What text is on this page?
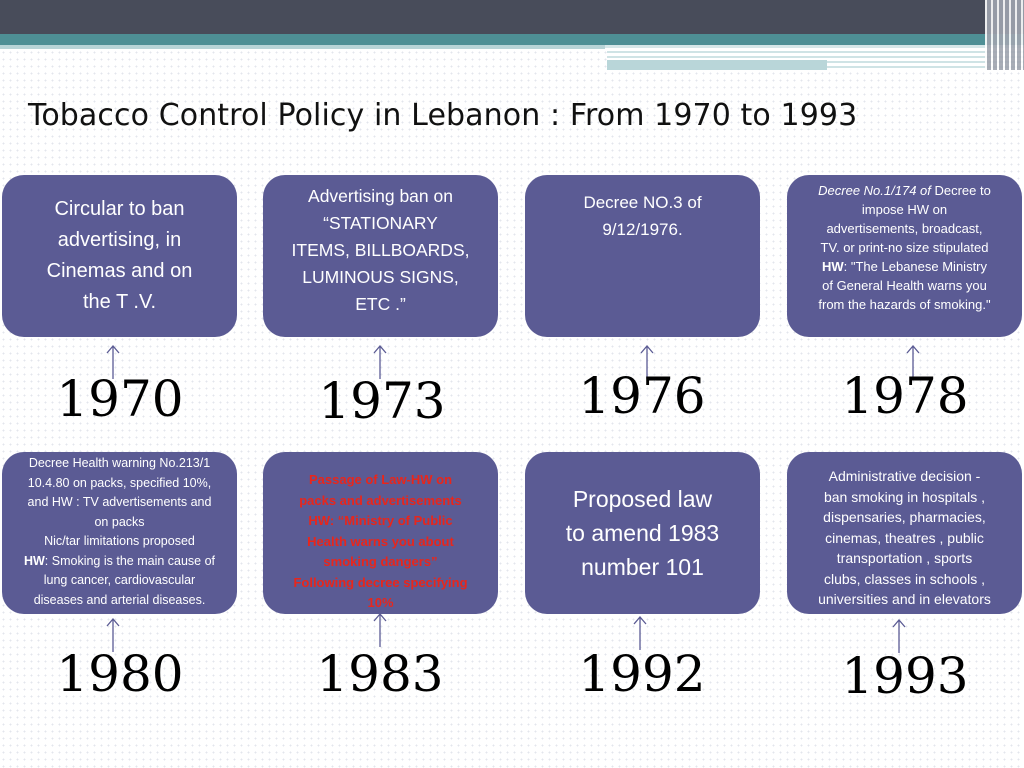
Tobacco Control Policy in Lebanon : From 1970 to 1993
Circular to ban
advertising, in
Cinemas and on
the T .V.
Advertising ban on
“STATIONARY
ITEMS, BILLBOARDS,
LUMINOUS SIGNS,
ETC .”
Decree NO.3 of
9/12/1976.
Decree No.1/174 of Decree to
impose HW on
advertisements, broadcast,
TV. or print-no size stipulated
HW: "The Lebanese Ministry
of General Health warns you
from the hazards of smoking."
1970	1973	1976	1978
Decree Health warning No.213/1
10.4.80 on packs, specified 10%,
and HW : TV advertisements and
on packs
Nic/tar limitations proposed
HW: Smoking is the main cause of
lung cancer, cardiovascular
diseases and arterial diseases.
Passage of Law-HW on
packs and advertisements
HW: “Ministry of Public
Health warns you about
smoking dangers”
Following decree specifying
10%
Proposed law
to amend 1983
number 101
Administrative decision -
ban smoking in hospitals ,
dispensaries, pharmacies,
cinemas, theatres , public
transportation , sports
clubs, classes in schools ,
universities and in elevators
1980	1983	1992	1993
